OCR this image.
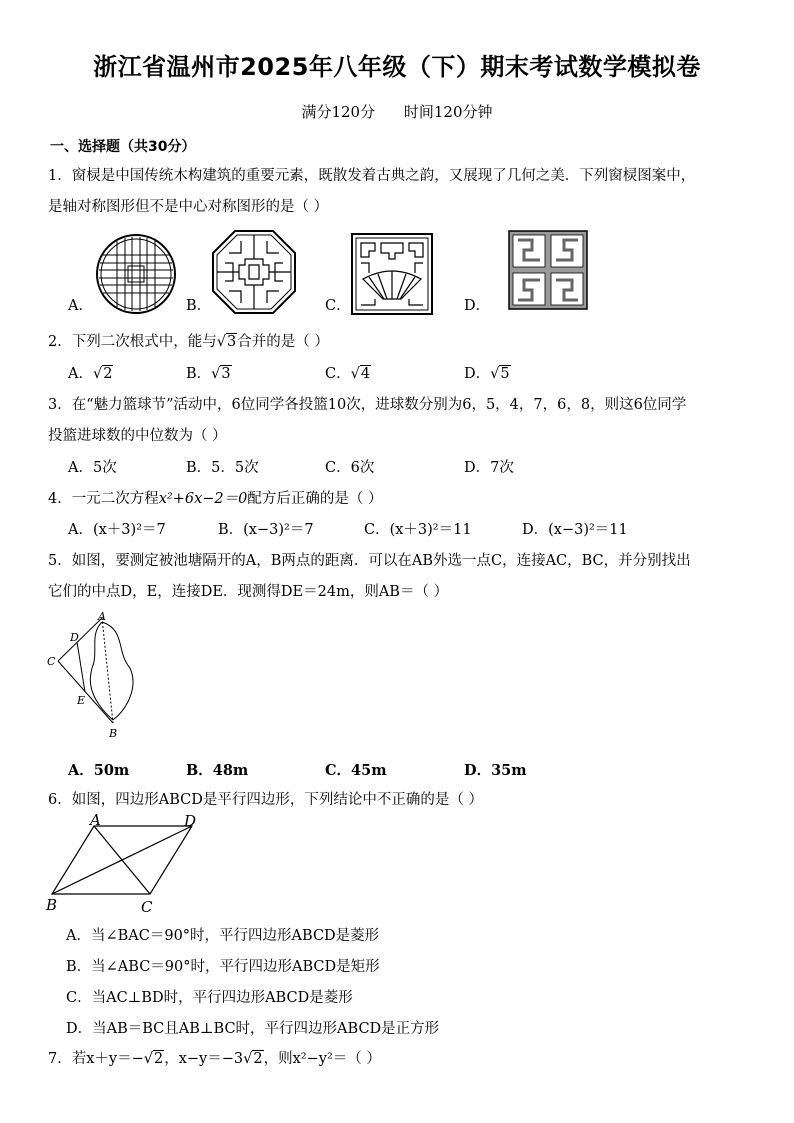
浙江省温州市2025年八年级（下）期末考试数学模拟卷
满分120分 时间120分钟
一、选择题（共30分）
1．窗棂是中国传统木构建筑的重要元素，既散发着古典之韵，又展现了几何之美．下列窗棂图案中，
是轴对称图形但不是中心对称图形的是（ ）
A．	B．	C．	D．
2．下列二次根式中，能与√3合并的是（ ）
A．√2	B．√3	C．√4	D．√5
3．在“魅力篮球节”活动中，6位同学各投篮10次，进球数分别为6，5，4，7，6，8，则这6位同学
投篮进球数的中位数为（ ）
A．5次	B．5．5次	C．6次	D．7次
4．一元二次方程x²+6x−2＝0配方后正确的是（ ）
A．(x＋3)²＝7	B．(x−3)²＝7	C．(x＋3)²＝11	D．(x−3)²＝11
5．如图，要测定被池塘隔开的A，B两点的距离．可以在AB外选一点C，连接AC，BC，并分别找出
它们的中点D，E，连接DE．现测得DE＝24m，则AB＝（ ）
A
D
C
E
B
A．50m	B．48m	C．45m	D．35m
6．如图，四边形ABCD是平行四边形，下列结论中不正确的是（ ）
A	D
B	C
A．当∠BAC＝90°时，平行四边形ABCD是菱形
B．当∠ABC＝90°时，平行四边形ABCD是矩形
C．当AC⊥BD时，平行四边形ABCD是菱形
D．当AB＝BC且AB⊥BC时，平行四边形ABCD是正方形
7．若x＋y＝−√2，x−y＝−3√2，则x²−y²＝（ ）
